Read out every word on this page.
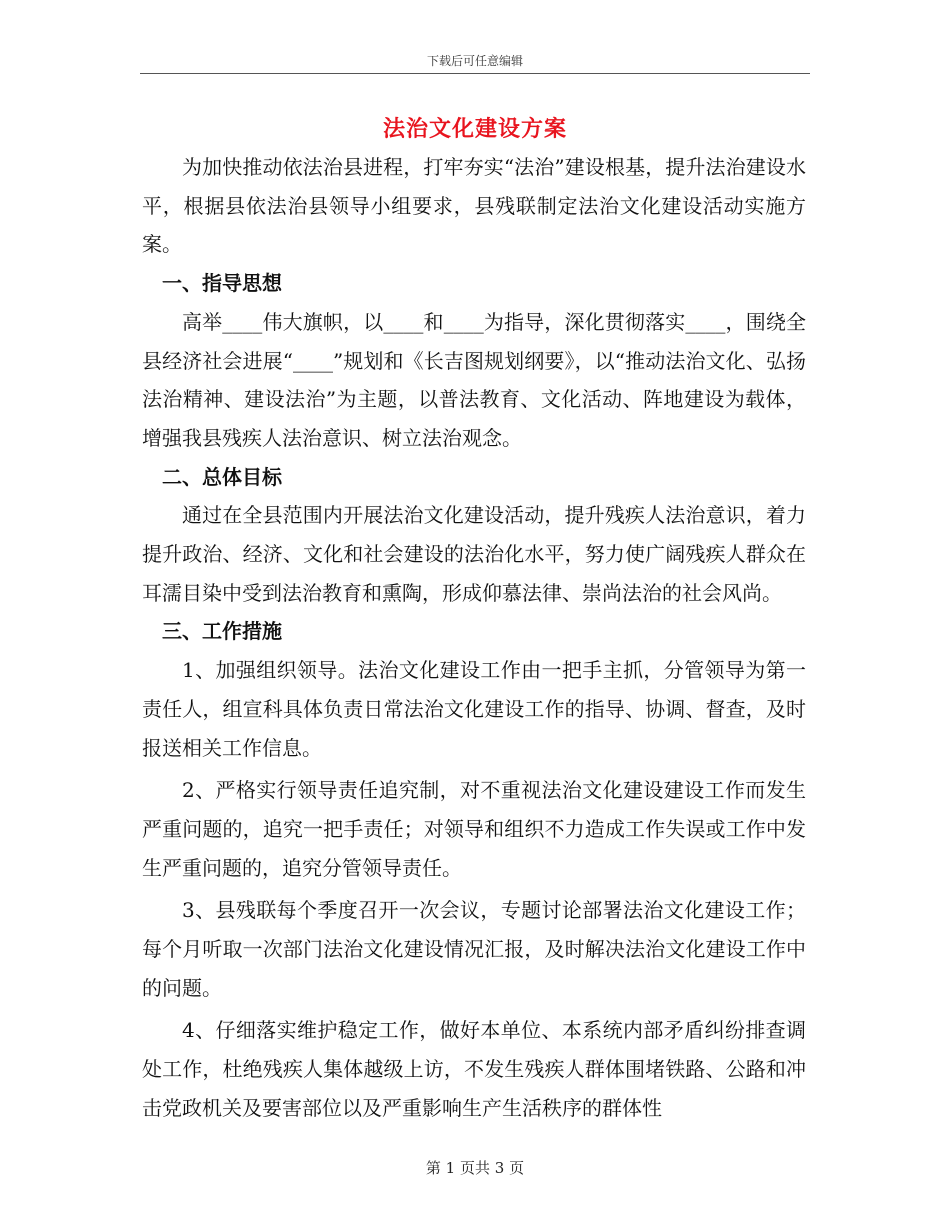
下载后可任意编辑
法治文化建设方案

为加快推动依法治县进程，打牢夯实“法治”建设根基，提升法治建设水平，根据县依法治县领导小组要求，县残联制定法治文化建设活动实施方案。

一、指导思想

高举____伟大旗帜，以____和____为指导，深化贯彻落实____，围绕全县经济社会进展“____”规划和《长吉图规划纲要》，以“推动法治文化、弘扬法治精神、建设法治”为主题，以普法教育、文化活动、阵地建设为载体，增强我县残疾人法治意识、树立法治观念。

二、总体目标

通过在全县范围内开展法治文化建设活动，提升残疾人法治意识，着力提升政治、经济、文化和社会建设的法治化水平，努力使广阔残疾人群众在耳濡目染中受到法治教育和熏陶，形成仰慕法律、崇尚法治的社会风尚。

三、工作措施

1、加强组织领导。法治文化建设工作由一把手主抓，分管领导为第一责任人，组宣科具体负责日常法治文化建设工作的指导、协调、督查，及时报送相关工作信息。

2、严格实行领导责任追究制，对不重视法治文化建设建设工作而发生严重问题的，追究一把手责任；对领导和组织不力造成工作失误或工作中发生严重问题的，追究分管领导责任。

3、县残联每个季度召开一次会议，专题讨论部署法治文化建设工作；每个月听取一次部门法治文化建设情况汇报，及时解决法治文化建设工作中的问题。

4、仔细落实维护稳定工作，做好本单位、本系统内部矛盾纠纷排查调处工作，杜绝残疾人集体越级上访，不发生残疾人群体围堵铁路、公路和冲击党政机关及要害部位以及严重影响生产生活秩序的群体性

第 1 页共 3 页
